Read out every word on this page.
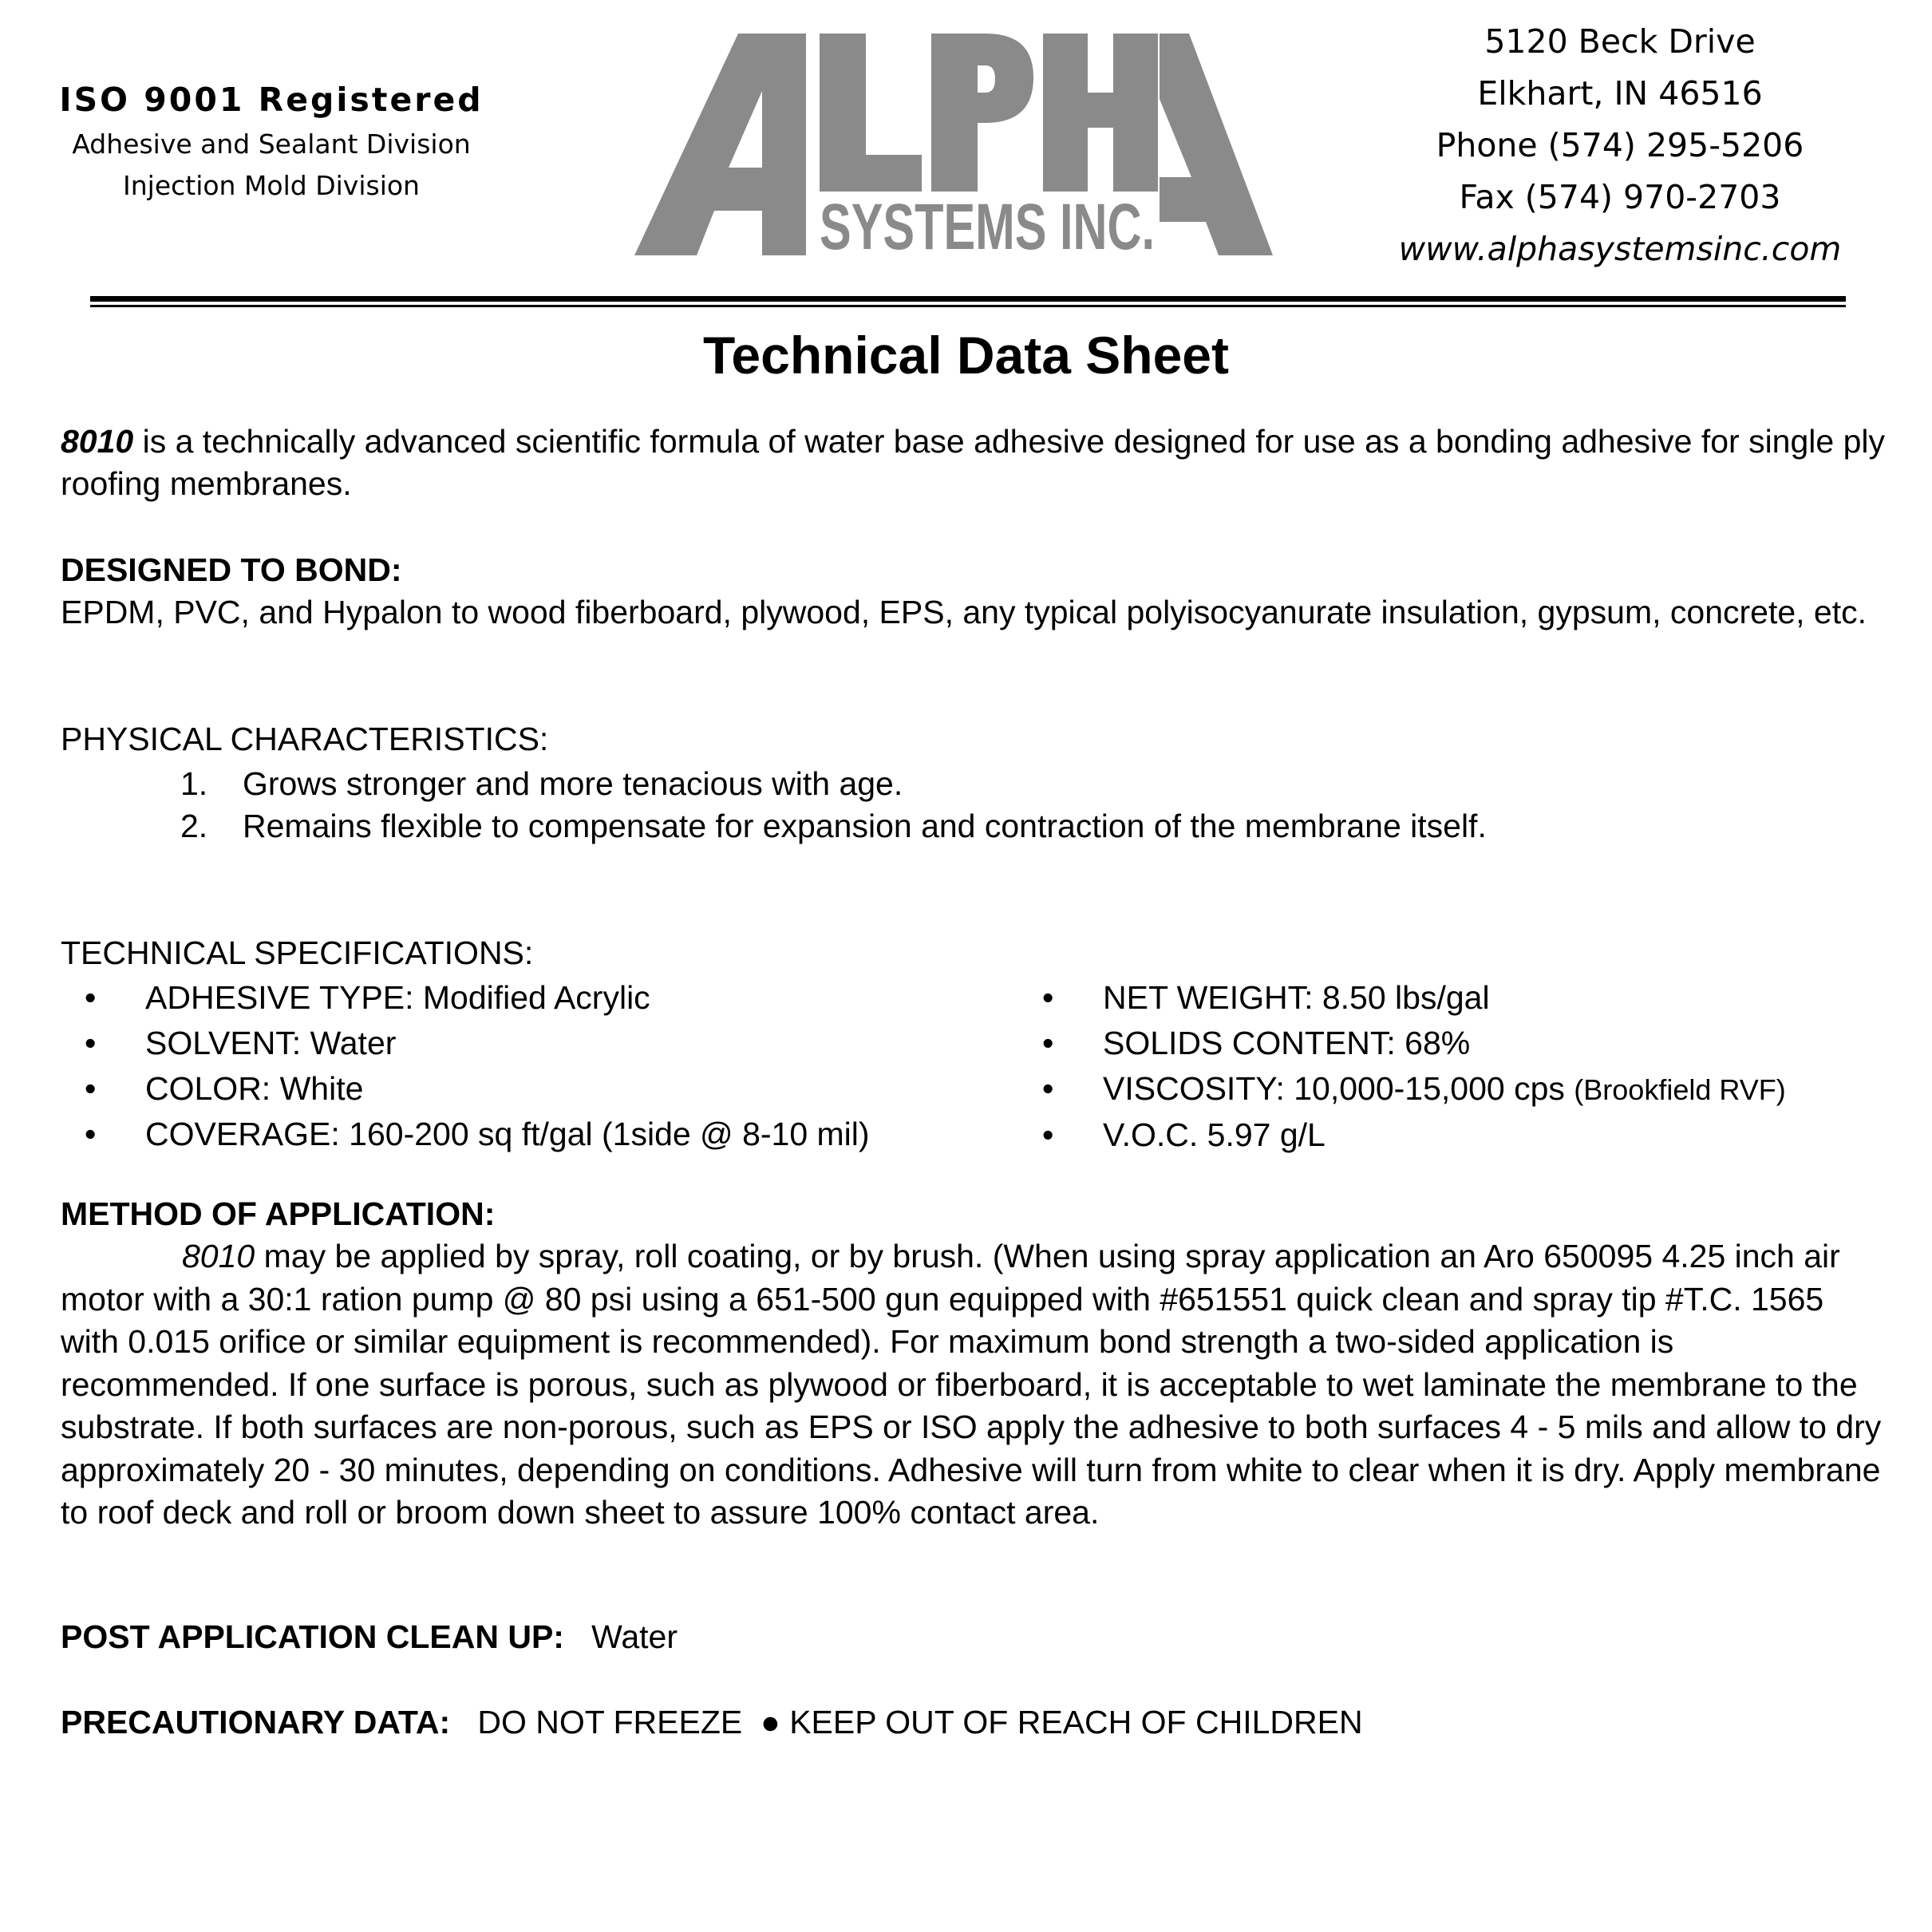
ISO 9001 Registered
Adhesive and Sealant Division
Injection Mold Division
SYSTEMS INC.
5120 Beck Drive
Elkhart, IN 46516
Phone (574) 295-5206
Fax (574) 970-2703
www.alphasystemsinc.com
Technical Data Sheet
8010 is a technically advanced scientific formula of water base adhesive designed for use as a bonding adhesive for single ply roofing membranes.
DESIGNED TO BOND:
EPDM, PVC, and Hypalon to wood fiberboard, plywood, EPS, any typical polyisocyanurate insulation, gypsum, concrete, etc.
PHYSICAL CHARACTERISTICS:
1. Grows stronger and more tenacious with age.
2. Remains flexible to compensate for expansion and contraction of the membrane itself.
TECHNICAL SPECIFICATIONS:
• ADHESIVE TYPE: Modified Acrylic
• SOLVENT: Water
• COLOR: White
• COVERAGE: 160-200 sq ft/gal (1side @ 8-10 mil)
• NET WEIGHT: 8.50 lbs/gal
• SOLIDS CONTENT: 68%
• VISCOSITY: 10,000-15,000 cps (Brookfield RVF)
• V.O.C. 5.97 g/L
METHOD OF APPLICATION:
8010 may be applied by spray, roll coating, or by brush. (When using spray application an Aro 650095 4.25 inch air motor with a 30:1 ration pump @ 80 psi using a 651-500 gun equipped with #651551 quick clean and spray tip #T.C. 1565 with 0.015 orifice or similar equipment is recommended). For maximum bond strength a two-sided application is recommended. If one surface is porous, such as plywood or fiberboard, it is acceptable to wet laminate the membrane to the substrate. If both surfaces are non-porous, such as EPS or ISO apply the adhesive to both surfaces 4 - 5 mils and allow to dry approximately 20 - 30 minutes, depending on conditions. Adhesive will turn from white to clear when it is dry. Apply membrane to roof deck and roll or broom down sheet to assure 100% contact area.
POST APPLICATION CLEAN UP: Water
PRECAUTIONARY DATA: DO NOT FREEZE ● KEEP OUT OF REACH OF CHILDREN
